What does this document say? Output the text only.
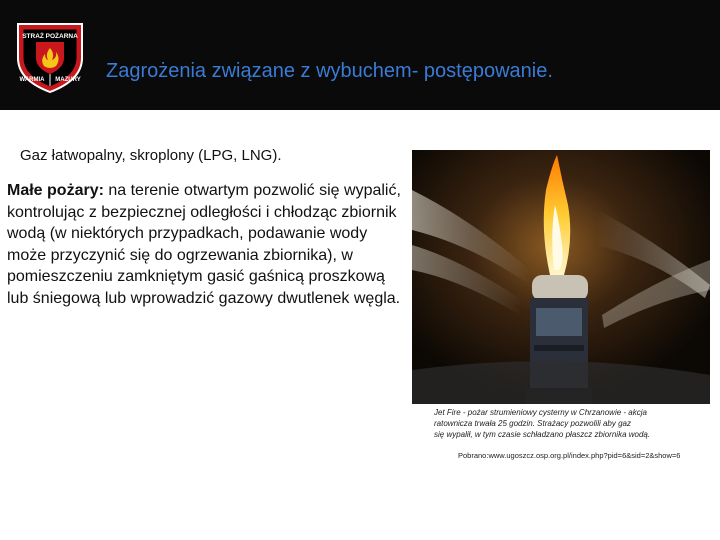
STRAŻ POŻARNA
WARMIA MAZURY Zagrożenia związane z wybuchem- postępowanie.
Gaz łatwopalny, skroplony (LPG, LNG).
Małe pożary: na terenie otwartym pozwolić się wypalić, kontrolując z bezpiecznej odległości i chłodząc zbiornik wodą (w niektórych przypadkach, podawanie wody może przyczynić się do ogrzewania zbiornika), w pomieszczeniu zamkniętym gasić gaśnicą proszkową lub śniegową lub wprowadzić gazowy dwutlenek węgla.
Jet Fire - pożar strumieniowy cysterny w Chrzanowie - akcja
ratownicza trwała 25 godzin. Strażacy pozwolili aby gaz
się wypalił, w tym czasie schładzano płaszcz zbiornika wodą.
Pobrano:www.ugoszcz.osp.org.pl/index.php?pid=6&sid=2&show=6
